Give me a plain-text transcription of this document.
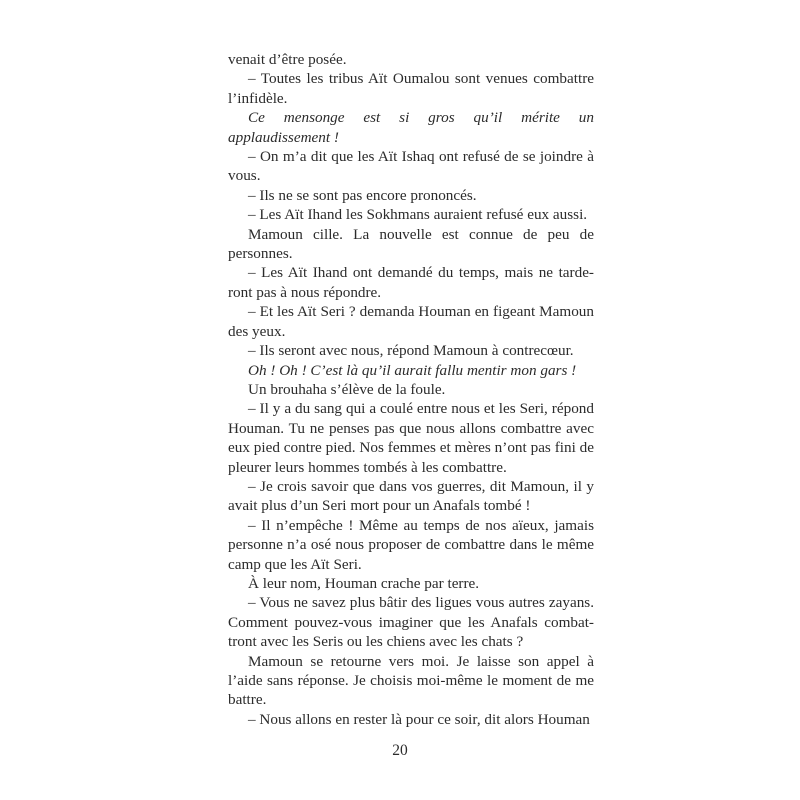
venait d’être posée.

– Toutes les tribus Aït Oumalou sont venues combattre l’infidèle.

Ce mensonge est si gros qu’il mérite un applaudissement !

– On m’a dit que les Aït Ishaq ont refusé de se joindre à vous.

– Ils ne se sont pas encore prononcés.

– Les Aït Ihand les Sokhmans auraient refusé eux aussi.

Mamoun cille. La nouvelle est connue de peu de personnes.

– Les Aït Ihand ont demandé du temps, mais ne tarde-ront pas à nous répondre.

– Et les Aït Seri ? demanda Houman en figeant Mamoun des yeux.

– Ils seront avec nous, répond Mamoun à contrecœur.

Oh ! Oh ! C’est là qu’il aurait fallu mentir mon gars !

Un brouhaha s’élève de la foule.

– Il y a du sang qui a coulé entre nous et les Seri, répond Houman. Tu ne penses pas que nous allons combattre avec eux pied contre pied. Nos femmes et mères n’ont pas fini de pleurer leurs hommes tombés à les combattre.

– Je crois savoir que dans vos guerres, dit Mamoun, il y avait plus d’un Seri mort pour un Anafals tombé !

– Il n’empêche ! Même au temps de nos aïeux, jamais personne n’a osé nous proposer de combattre dans le même camp que les Aït Seri.

À leur nom, Houman crache par terre.

– Vous ne savez plus bâtir des ligues vous autres zayans. Comment pouvez-vous imaginer que les Anafals combat-tront avec les Seris ou les chiens avec les chats ?

Mamoun se retourne vers moi. Je laisse son appel à l’aide sans réponse. Je choisis moi-même le moment de me battre.

– Nous allons en rester là pour ce soir, dit alors Houman

20
